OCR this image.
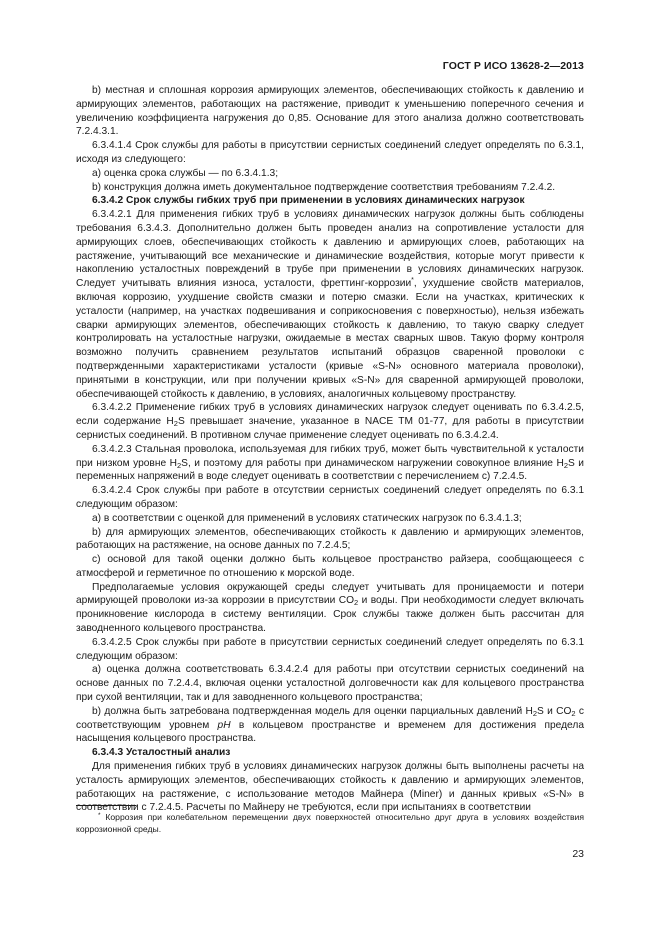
ГОСТ Р ИСО 13628-2—2013

b) местная и сплошная коррозия армирующих элементов, обеспечивающих стойкость к давлению и армирующих элементов, работающих на растяжение, приводит к уменьшению поперечного сечения и увеличению коэффициента нагружения до 0,85. Основание для этого анализа должно соответствовать 7.2.4.3.1.

6.3.4.1.4 Срок службы для работы в присутствии сернистых соединений следует определять по 6.3.1, исходя из следующего:

а) оценка срока службы — по 6.3.4.1.3;

b) конструкция должна иметь документальное подтверждение соответствия требованиям 7.2.4.2.

6.3.4.2 Срок службы гибких труб при применении в условиях динамических нагрузок

6.3.4.2.1 Для применения гибких труб в условиях динамических нагрузок должны быть соблюдены требования 6.3.4.3. Дополнительно должен быть проведен анализ на сопротивление усталости для армирующих слоев, обеспечивающих стойкость к давлению и армирующих слоев, работающих на растяжение, учитывающий все механические и динамические воздействия, которые могут привести к накоплению усталостных повреждений в трубе при применении в условиях динамических нагрузок. Следует учитывать влияния износа, усталости, фреттинг-коррозии*, ухудшение свойств материалов, включая коррозию, ухудшение свойств смазки и потерю смазки. Если на участках, критических к усталости (например, на участках подвешивания и соприкосновения с поверхностью), нельзя избежать сварки армирующих элементов, обеспечивающих стойкость к давлению, то такую сварку следует контролировать на усталостные нагрузки, ожидаемые в местах сварных швов. Такую форму контроля возможно получить сравнением результатов испытаний образцов сваренной проволоки с подтвержденными характеристиками усталости (кривые «S-N» основного материала проволоки), принятыми в конструкции, или при получении кривых «S-N» для сваренной армирующей проволоки, обеспечивающей стойкость к давлению, в условиях, аналогичных кольцевому пространству.

6.3.4.2.2 Применение гибких труб в условиях динамических нагрузок следует оценивать по 6.3.4.2.5, если содержание $H_2S$ превышает значение, указанное в NACE TM 01-77, для работы в присутствии сернистых соединений. В противном случае применение следует оценивать по 6.3.4.2.4.

6.3.4.2.3 Стальная проволока, используемая для гибких труб, может быть чувствительной к усталости при низком уровне $H_2S$, и поэтому для работы при динамическом нагружении совокупное влияние $H_2S$ и переменных напряжений в воде следует оценивать в соответствии с перечислением с) 7.2.4.5.

6.3.4.2.4 Срок службы при работе в отсутствии сернистых соединений следует определять по 6.3.1 следующим образом:

а) в соответствии с оценкой для применений в условиях статических нагрузок по 6.3.4.1.3;

b) для армирующих элементов, обеспечивающих стойкость к давлению и армирующих элементов, работающих на растяжение, на основе данных по 7.2.4.5;

с) основой для такой оценки должно быть кольцевое пространство райзера, сообщающееся с атмосферой и герметичное по отношению к морской воде.

Предполагаемые условия окружающей среды следует учитывать для проницаемости и потери армирующей проволоки из-за коррозии в присутствии $CO_2$ и воды. При необходимости следует включать проникновение кислорода в систему вентиляции. Срок службы также должен быть рассчитан для заводненного кольцевого пространства.

6.3.4.2.5 Срок службы при работе в присутствии сернистых соединений следует определять по 6.3.1 следующим образом:

а) оценка должна соответствовать 6.3.4.2.4 для работы при отсутствии сернистых соединений на основе данных по 7.2.4.4, включая оценки усталостной долговечности как для кольцевого пространства при сухой вентиляции, так и для заводненного кольцевого пространства;

b) должна быть затребована подтвержденная модель для оценки парциальных давлений $H_2S$ и $CO_2$ с соответствующим уровнем pH в кольцевом пространстве и временем для достижения предела насыщения кольцевого пространства.

6.3.4.3 Усталостный анализ

Для применения гибких труб в условиях динамических нагрузок должны быть выполнены расчеты на усталость армирующих элементов, обеспечивающих стойкость к давлению и армирующих элементов, работающих на растяжение, с использование методов Майнера (Miner) и данных кривых «S-N» в соответствии с 7.2.4.5. Расчеты по Майнеру не требуются, если при испытаниях в соответствии

* Коррозия при колебательном перемещении двух поверхностей относительно друг друга в условиях воздействия коррозионной среды.
23
